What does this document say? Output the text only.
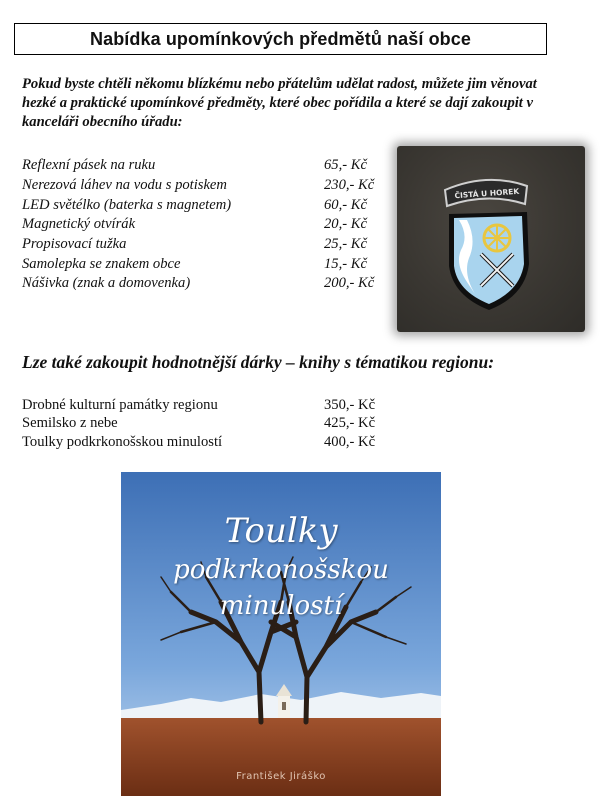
Nabídka upomínkových předmětů naší obce
Pokud byste chtěli někomu blízkému nebo přátelům udělat radost, můžete jim věnovat hezké a praktické upomínkové předměty, které obec pořídila a které se dají zakoupit v kanceláři obecního úřadu:
Reflexní pásek na ruku	65,- Kč
Nerezová láhev na vodu s potiskem	230,- Kč
LED světélko (baterka s magnetem)	60,- Kč
Magnetický otvírák	20,- Kč
Propisovací tužka	25,- Kč
Samolepka se znakem obce	15,- Kč
Nášivka (znak a domovenka)	200,- Kč
ČISTÁ U HOREK
Lze také zakoupit hodnotnější dárky – knihy s tématikou regionu:
Drobné kulturní památky regionu	350,- Kč
Semilsko z nebe	425,- Kč
Toulky podkrkonošskou minulostí	400,- Kč
Toulky
podkrkonošskou
minulostí
František Jiráško
